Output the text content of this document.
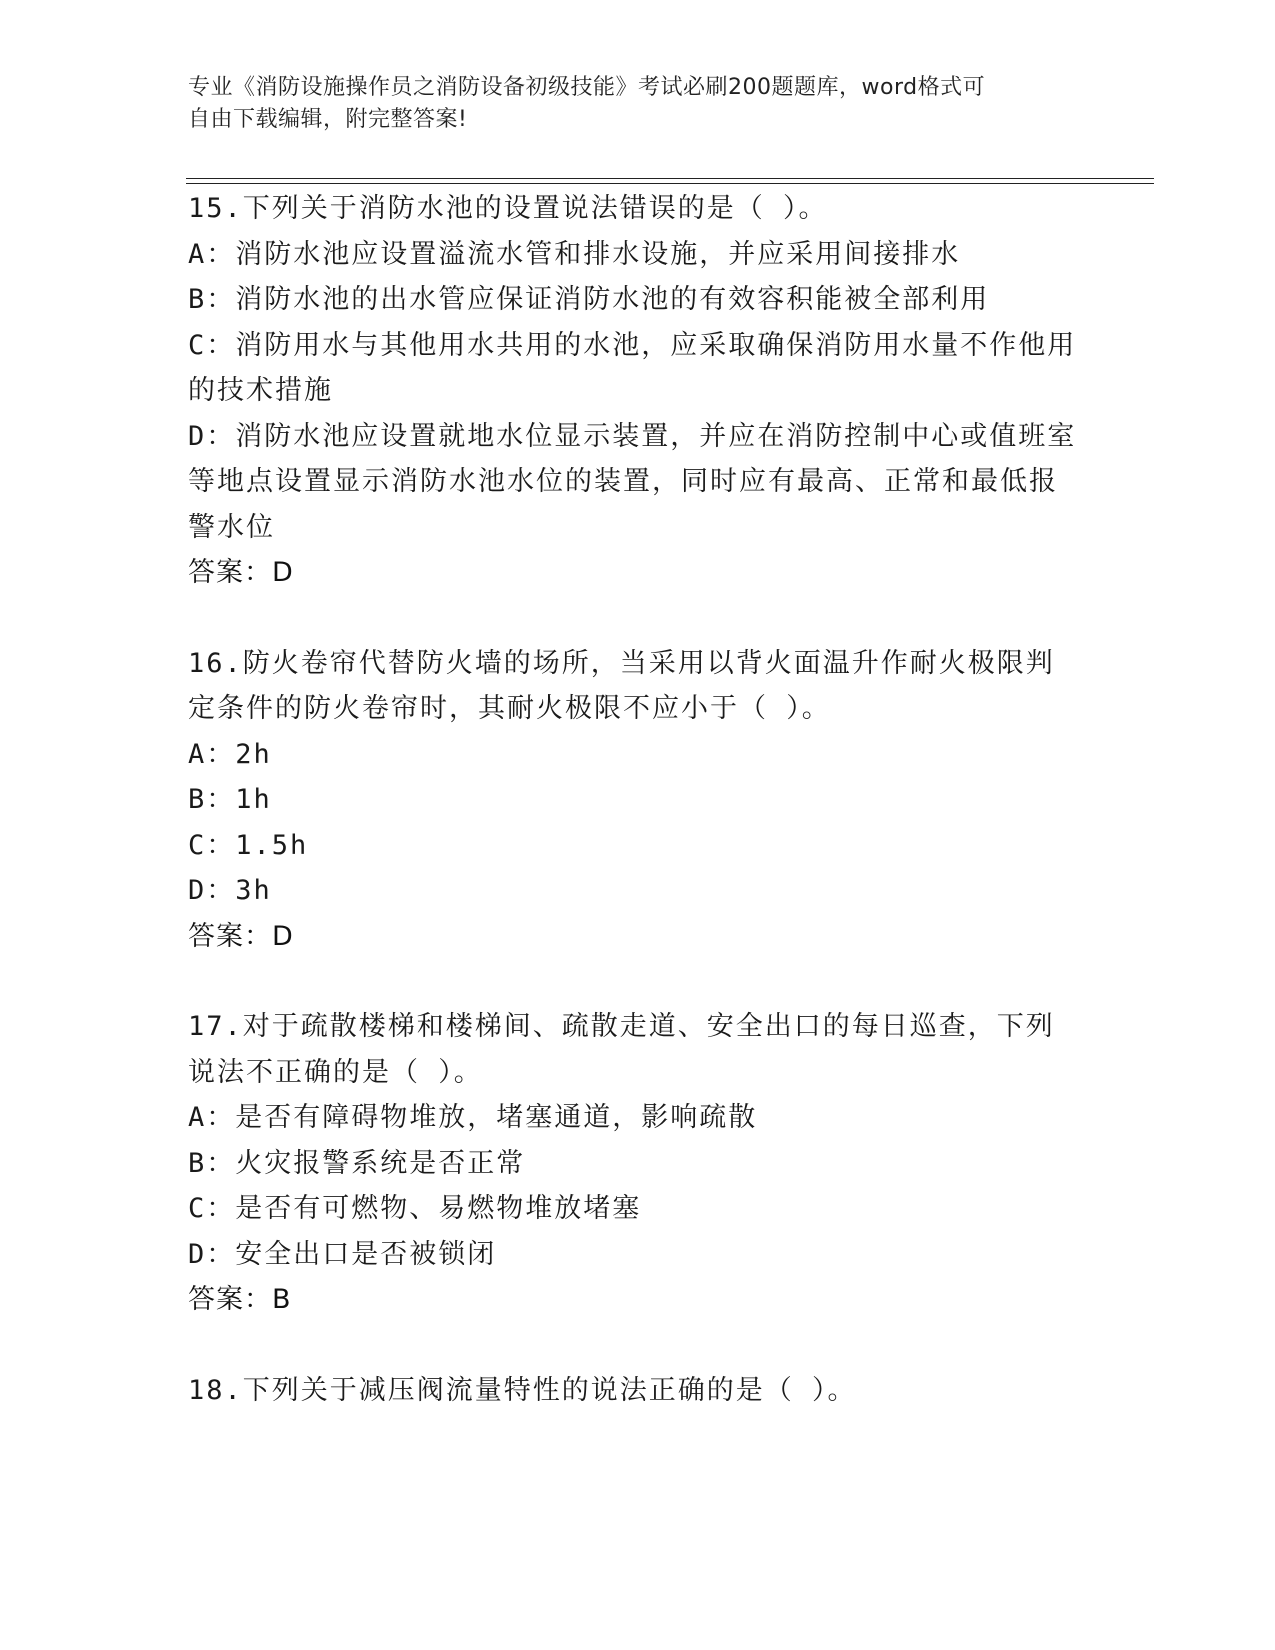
专业《消防设施操作员之消防设备初级技能》考试必刷200题题库，word格式可
自由下载编辑，附完整答案!
15.下列关于消防水池的设置说法错误的是（ ）。
A：消防水池应设置溢流水管和排水设施，并应采用间接排水
B：消防水池的出水管应保证消防水池的有效容积能被全部利用
C：消防用水与其他用水共用的水池，应采取确保消防用水量不作他用的技术措施
D：消防水池应设置就地水位显示装置，并应在消防控制中心或值班室等地点设置显示消防水池水位的装置，同时应有最高、正常和最低报警水位
答案：D
16.防火卷帘代替防火墙的场所，当采用以背火面温升作耐火极限判定条件的防火卷帘时，其耐火极限不应小于（ ）。
A：2h
B：1h
C：1.5h
D：3h
答案：D
17.对于疏散楼梯和楼梯间、疏散走道、安全出口的每日巡查，下列说法不正确的是（ ）。
A：是否有障碍物堆放，堵塞通道，影响疏散
B：火灾报警系统是否正常
C：是否有可燃物、易燃物堆放堵塞
D：安全出口是否被锁闭
答案：B
18.下列关于减压阀流量特性的说法正确的是（ ）。
